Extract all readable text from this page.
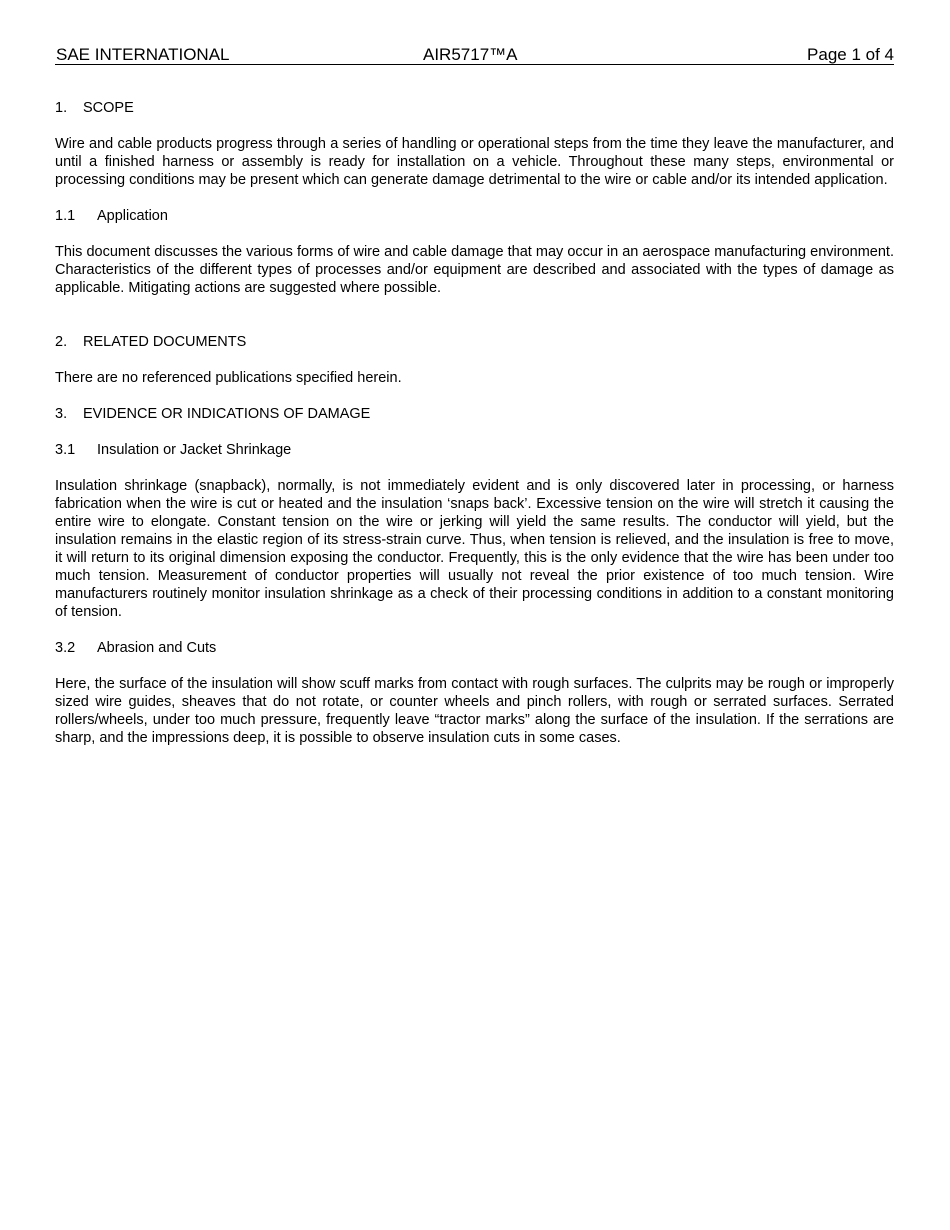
SAE INTERNATIONAL	AIR5717™A	Page 1 of 4

1. SCOPE

Wire and cable products progress through a series of handling or operational steps from the time they leave the manufacturer, and until a finished harness or assembly is ready for installation on a vehicle. Throughout these many steps, environmental or processing conditions may be present which can generate damage detrimental to the wire or cable and/or its intended application.

1.1 Application

This document discusses the various forms of wire and cable damage that may occur in an aerospace manufacturing environment. Characteristics of the different types of processes and/or equipment are described and associated with the types of damage as applicable. Mitigating actions are suggested where possible.

2. RELATED DOCUMENTS

There are no referenced publications specified herein.

3. EVIDENCE OR INDICATIONS OF DAMAGE

3.1 Insulation or Jacket Shrinkage

Insulation shrinkage (snapback), normally, is not immediately evident and is only discovered later in processing, or harness fabrication when the wire is cut or heated and the insulation ‘snaps back’. Excessive tension on the wire will stretch it causing the entire wire to elongate. Constant tension on the wire or jerking will yield the same results. The conductor will yield, but the insulation remains in the elastic region of its stress-strain curve. Thus, when tension is relieved, and the insulation is free to move, it will return to its original dimension exposing the conductor. Frequently, this is the only evidence that the wire has been under too much tension. Measurement of conductor properties will usually not reveal the prior existence of too much tension. Wire manufacturers routinely monitor insulation shrinkage as a check of their processing conditions in addition to a constant monitoring of tension.

3.2 Abrasion and Cuts

Here, the surface of the insulation will show scuff marks from contact with rough surfaces. The culprits may be rough or improperly sized wire guides, sheaves that do not rotate, or counter wheels and pinch rollers, with rough or serrated surfaces. Serrated rollers/wheels, under too much pressure, frequently leave “tractor marks” along the surface of the insulation. If the serrations are sharp, and the impressions deep, it is possible to observe insulation cuts in some cases.
